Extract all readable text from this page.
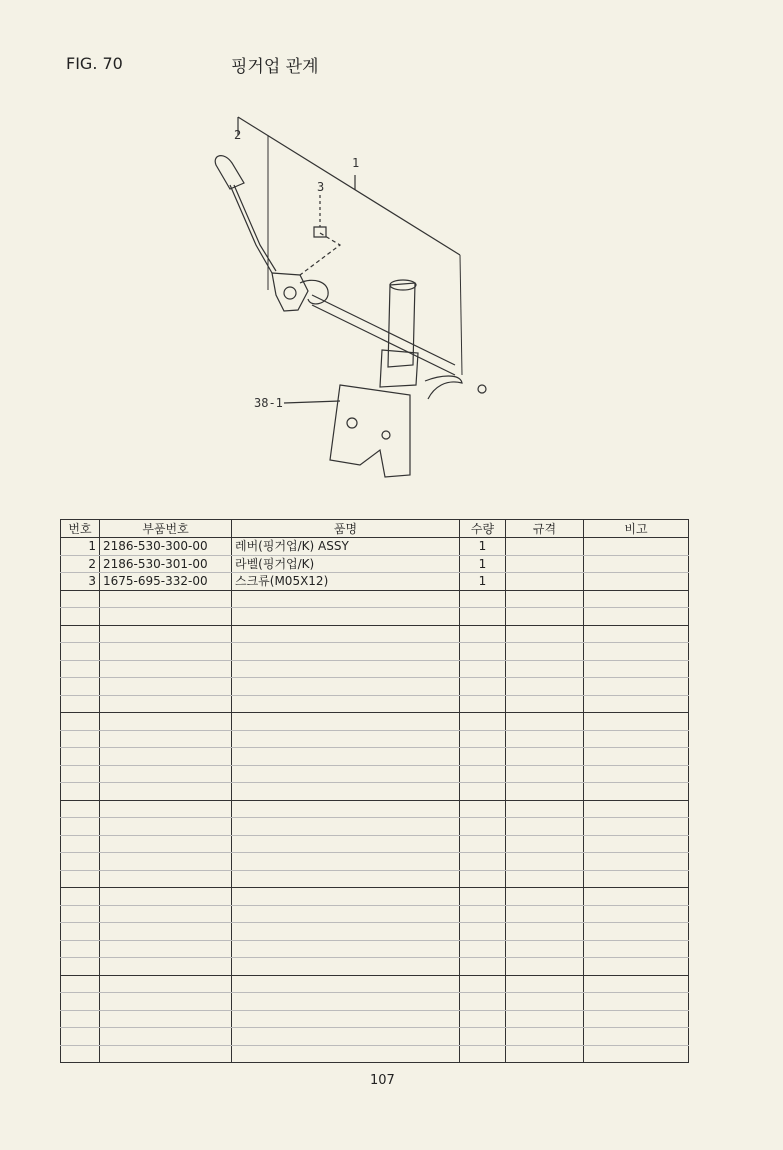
FIG. 70	핑거업 관계
2
1
3
38-1
번호	부품번호	품명	수량	규격	비고
1	2186-530-300-00	레버(핑거업/K) ASSY	1		
2	2186-530-301-00	라벨(핑거업/K)	1		
3	1675-695-332-00	스크류(M05X12)	1		

107
